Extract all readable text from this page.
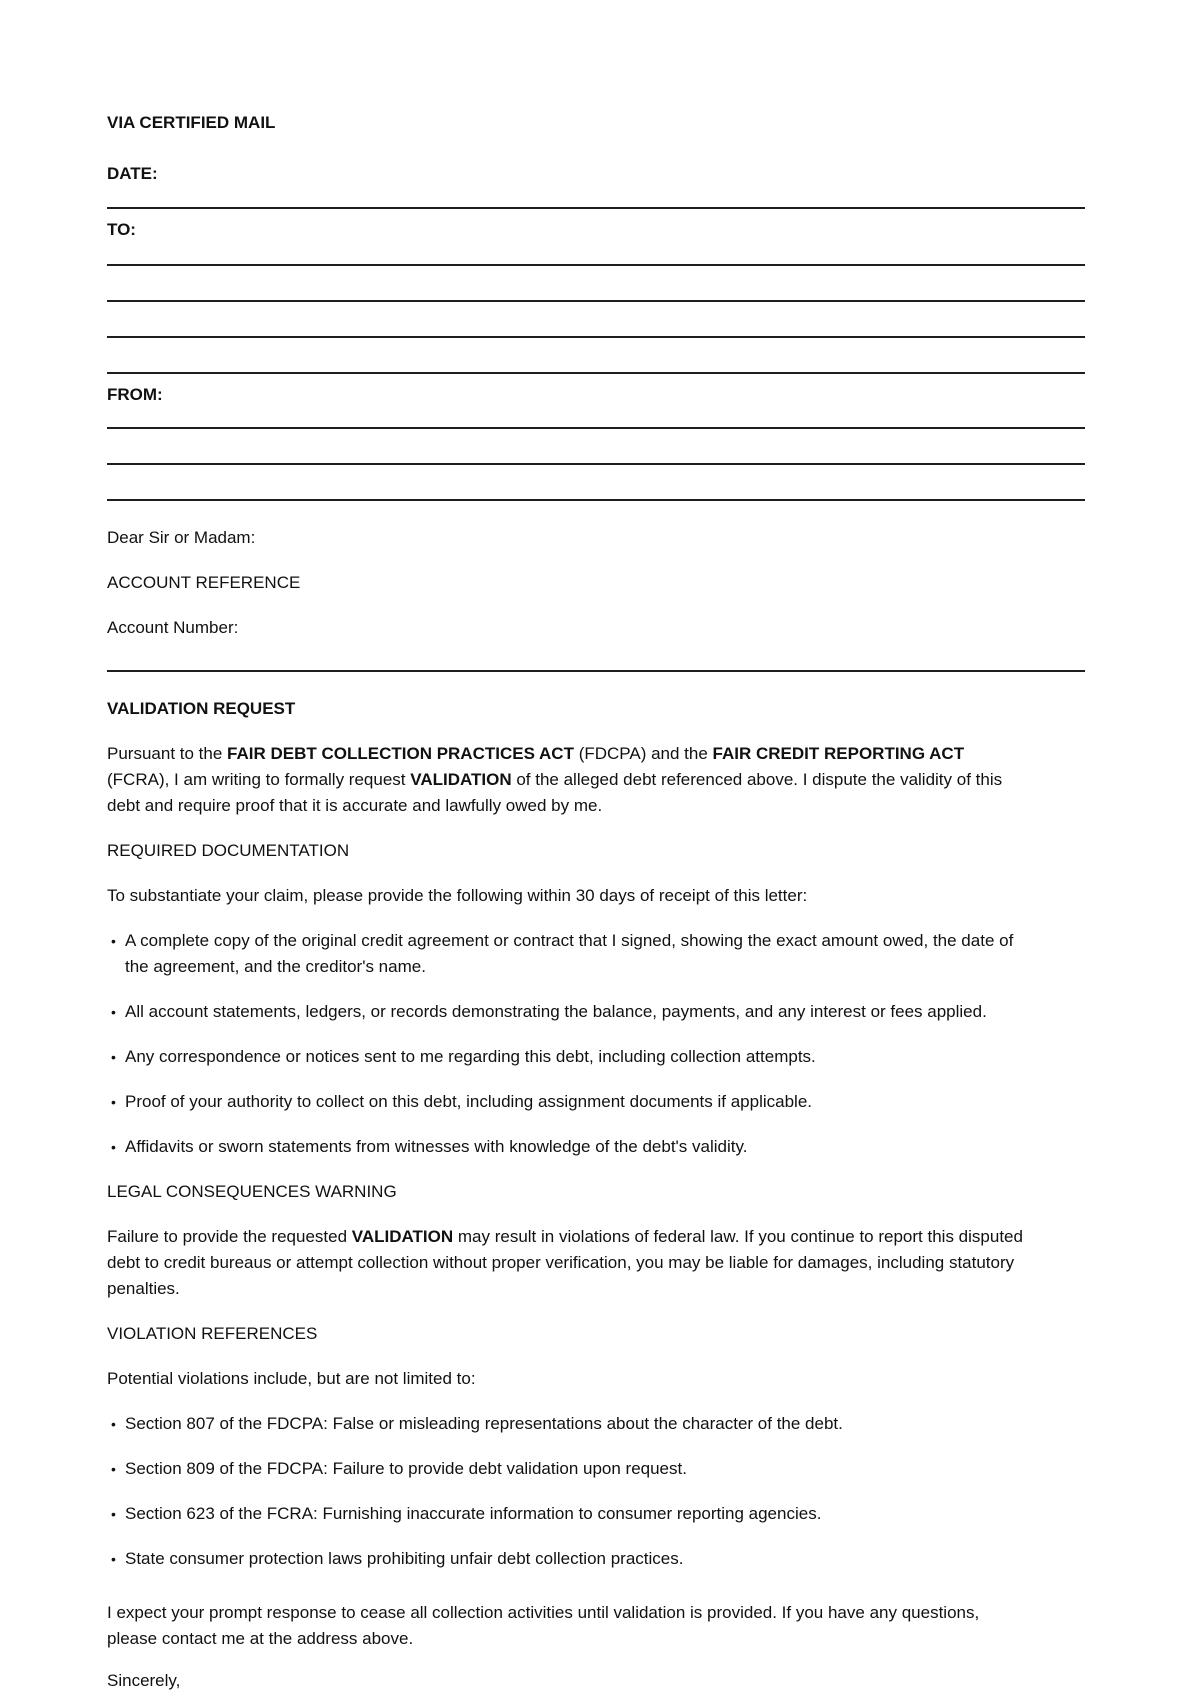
VIA CERTIFIED MAIL

DATE:

TO:

FROM:

Dear Sir or Madam:

ACCOUNT REFERENCE

Account Number:

VALIDATION REQUEST

Pursuant to the FAIR DEBT COLLECTION PRACTICES ACT (FDCPA) and the FAIR CREDIT REPORTING ACT
(FCRA), I am writing to formally request VALIDATION of the alleged debt referenced above. I dispute the validity of this
debt and require proof that it is accurate and lawfully owed by me.

REQUIRED DOCUMENTATION

To substantiate your claim, please provide the following within 30 days of receipt of this letter:

• A complete copy of the original credit agreement or contract that I signed, showing the exact amount owed, the date of
the agreement, and the creditor's name.
• All account statements, ledgers, or records demonstrating the balance, payments, and any interest or fees applied.
• Any correspondence or notices sent to me regarding this debt, including collection attempts.
• Proof of your authority to collect on this debt, including assignment documents if applicable.
• Affidavits or sworn statements from witnesses with knowledge of the debt's validity.

LEGAL CONSEQUENCES WARNING

Failure to provide the requested VALIDATION may result in violations of federal law. If you continue to report this disputed
debt to credit bureaus or attempt collection without proper verification, you may be liable for damages, including statutory
penalties.

VIOLATION REFERENCES

Potential violations include, but are not limited to:

• Section 807 of the FDCPA: False or misleading representations about the character of the debt.
• Section 809 of the FDCPA: Failure to provide debt validation upon request.
• Section 623 of the FCRA: Furnishing inaccurate information to consumer reporting agencies.
• State consumer protection laws prohibiting unfair debt collection practices.

I expect your prompt response to cease all collection activities until validation is provided. If you have any questions,
please contact me at the address above.

Sincerely,
